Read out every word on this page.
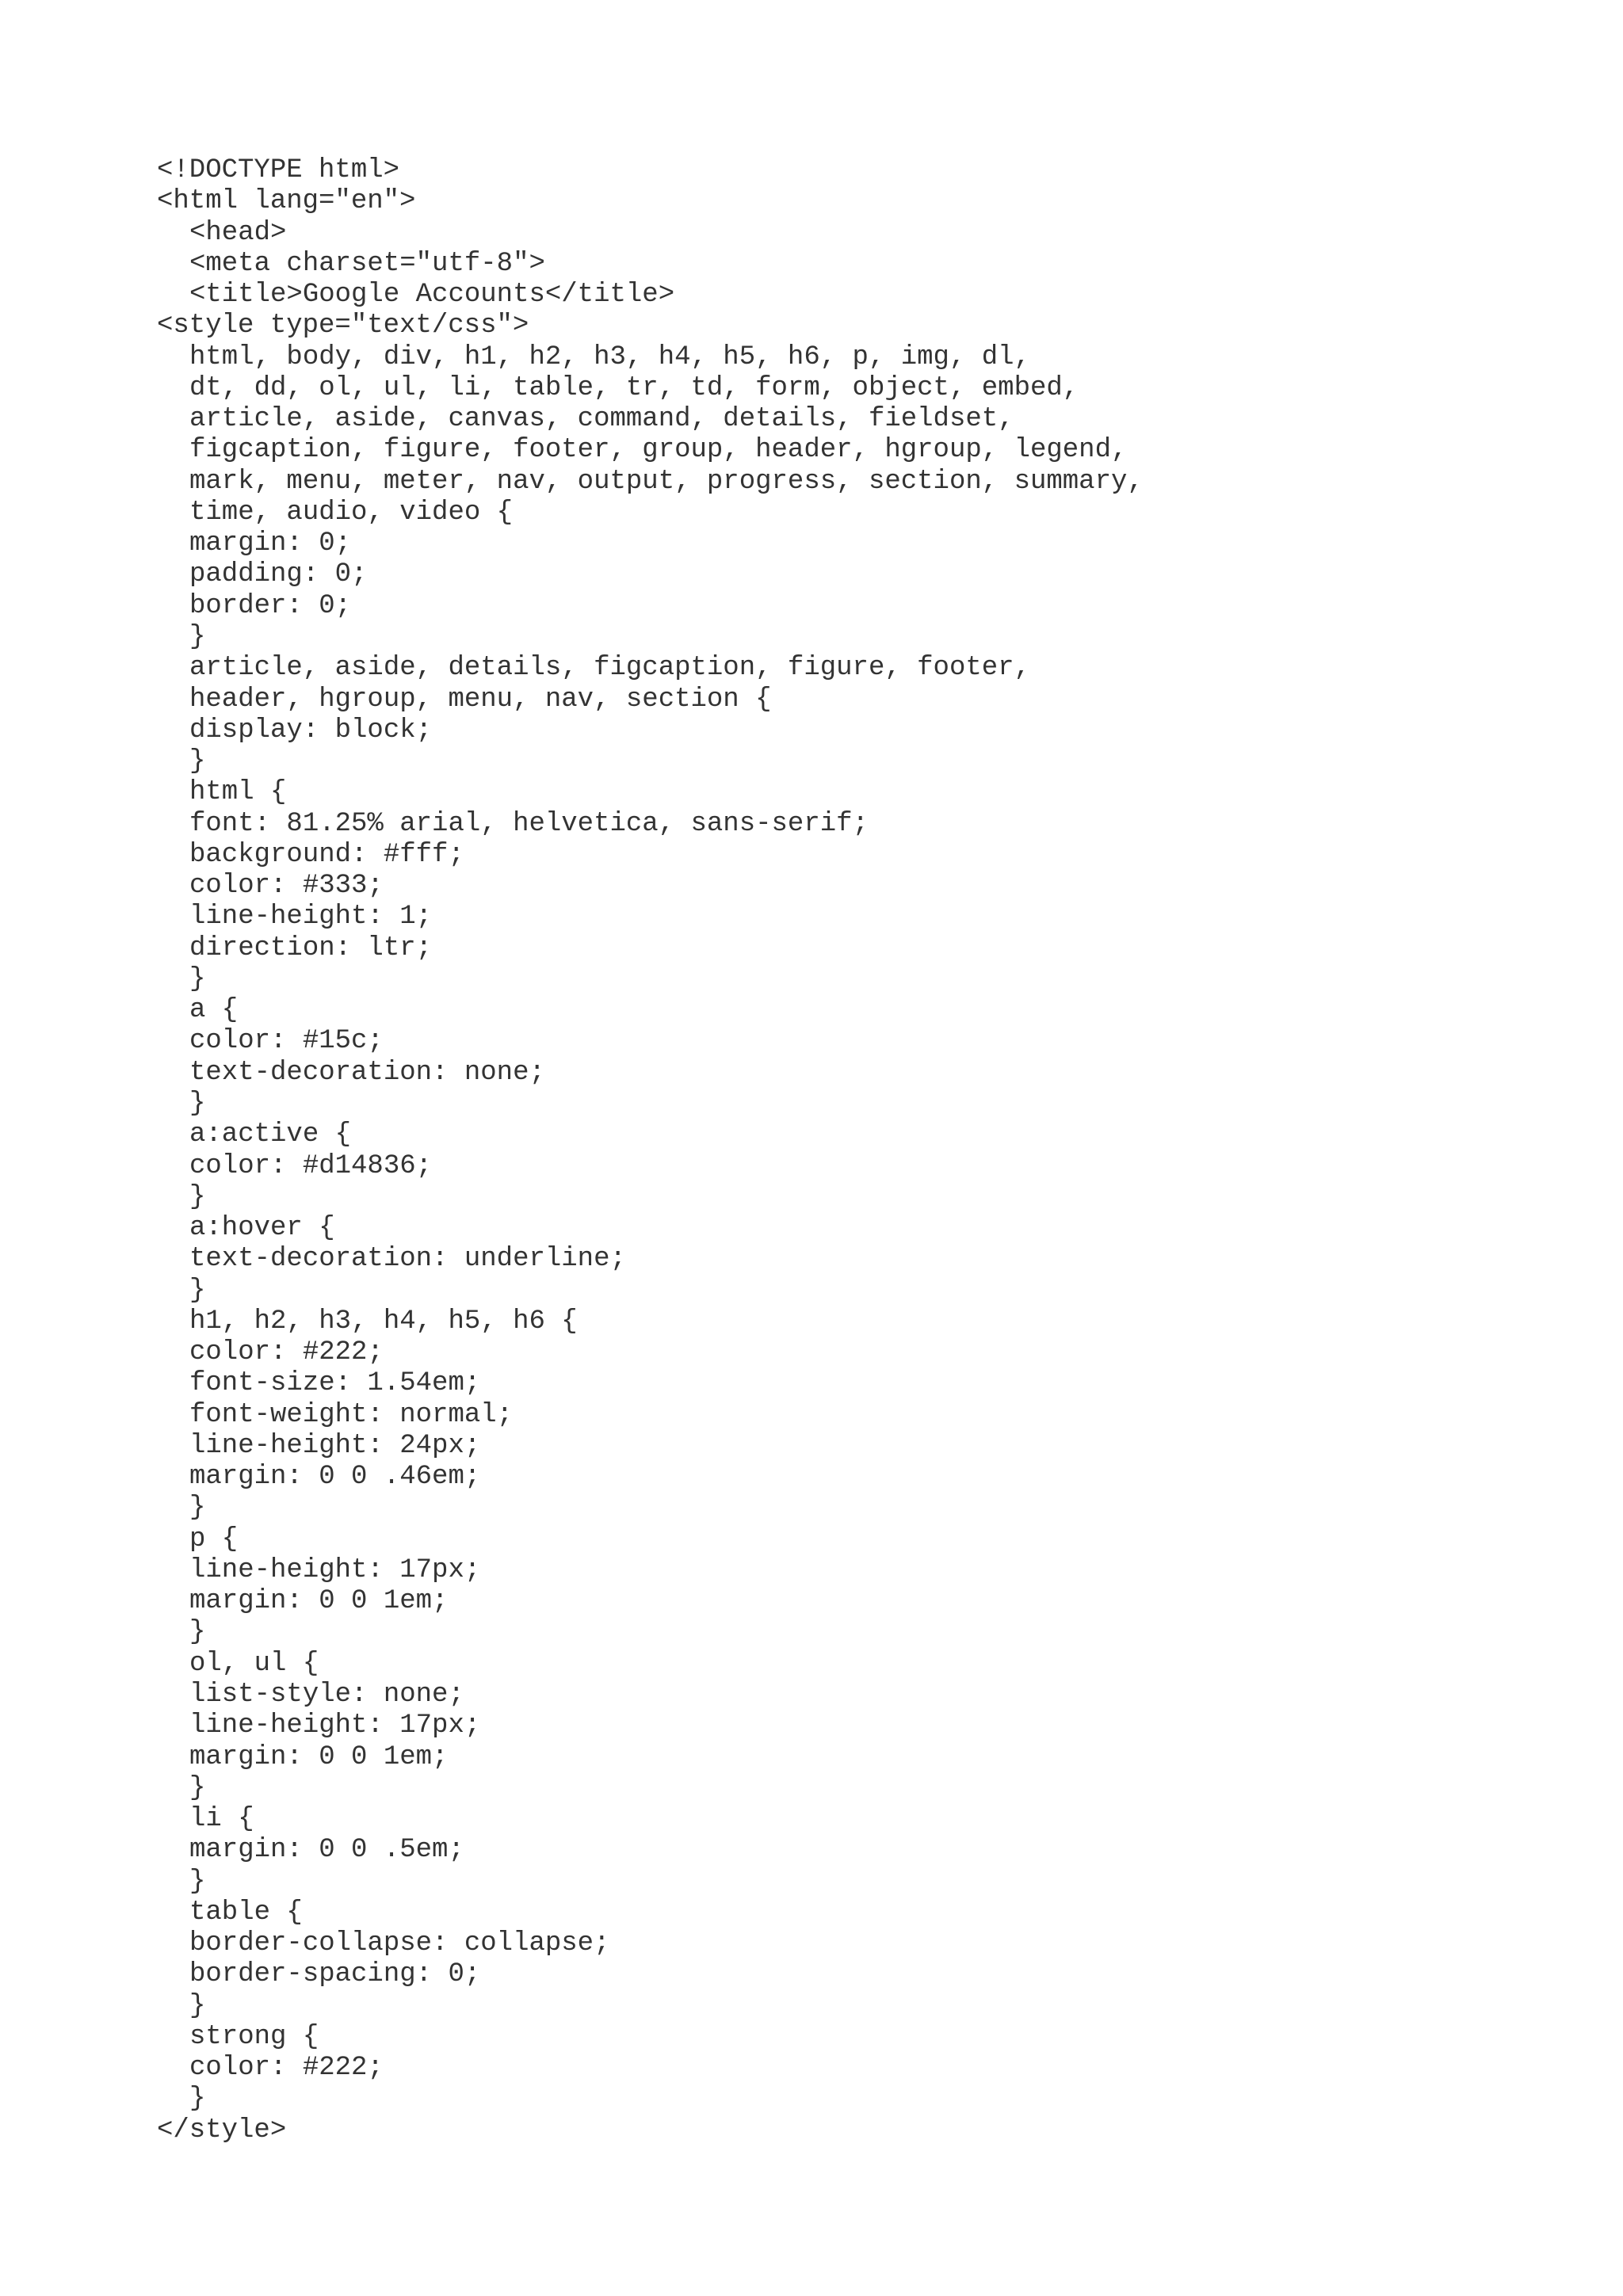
<!DOCTYPE html>
<html lang="en">
<head>
<meta charset="utf-8">
<title>Google Accounts</title>
<style type="text/css">
html, body, div, h1, h2, h3, h4, h5, h6, p, img, dl,
dt, dd, ol, ul, li, table, tr, td, form, object, embed,
article, aside, canvas, command, details, fieldset,
figcaption, figure, footer, group, header, hgroup, legend,
mark, menu, meter, nav, output, progress, section, summary,
time, audio, video {
margin: 0;
padding: 0;
border: 0;
}
article, aside, details, figcaption, figure, footer,
header, hgroup, menu, nav, section {
display: block;
}
html {
font: 81.25% arial, helvetica, sans-serif;
background: #fff;
color: #333;
line-height: 1;
direction: ltr;
}
a {
color: #15c;
text-decoration: none;
}
a:active {
color: #d14836;
}
a:hover {
text-decoration: underline;
}
h1, h2, h3, h4, h5, h6 {
color: #222;
font-size: 1.54em;
font-weight: normal;
line-height: 24px;
margin: 0 0 .46em;
}
p {
line-height: 17px;
margin: 0 0 1em;
}
ol, ul {
list-style: none;
line-height: 17px;
margin: 0 0 1em;
}
li {
margin: 0 0 .5em;
}
table {
border-collapse: collapse;
border-spacing: 0;
}
strong {
color: #222;
}
</style>
